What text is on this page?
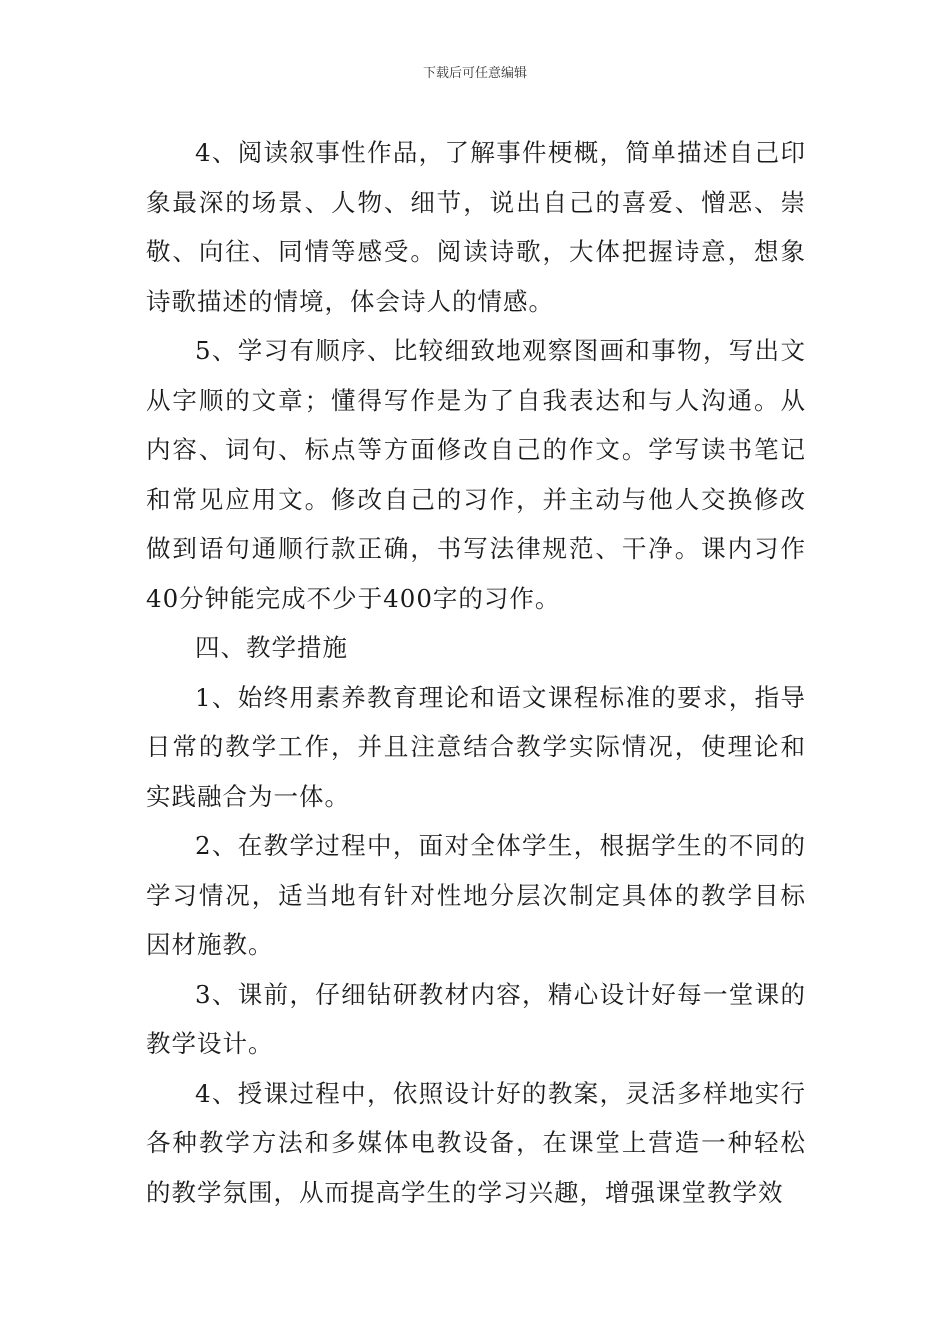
下载后可任意编辑

4、阅读叙事性作品，了解事件梗概，简单描述自己印象最深的场景、人物、细节，说出自己的喜爱、憎恶、崇敬、向往、同情等感受。阅读诗歌，大体把握诗意，想象诗歌描述的情境，体会诗人的情感。

5、学习有顺序、比较细致地观察图画和事物，写出文从字顺的文章；懂得写作是为了自我表达和与人沟通。从内容、词句、标点等方面修改自己的作文。学写读书笔记和常见应用文。修改自己的习作，并主动与他人交换修改做到语句通顺行款正确，书写法律规范、干净。课内习作40分钟能完成不少于400字的习作。

四、教学措施

1、始终用素养教育理论和语文课程标准的要求，指导日常的教学工作，并且注意结合教学实际情况，使理论和实践融合为一体。

2、在教学过程中，面对全体学生，根据学生的不同的学习情况，适当地有针对性地分层次制定具体的教学目标因材施教。

3、课前，仔细钻研教材内容，精心设计好每一堂课的教学设计。

4、授课过程中，依照设计好的教案，灵活多样地实行各种教学方法和多媒体电教设备，在课堂上营造一种轻松的教学氛围，从而提高学生的学习兴趣，增强课堂教学效
